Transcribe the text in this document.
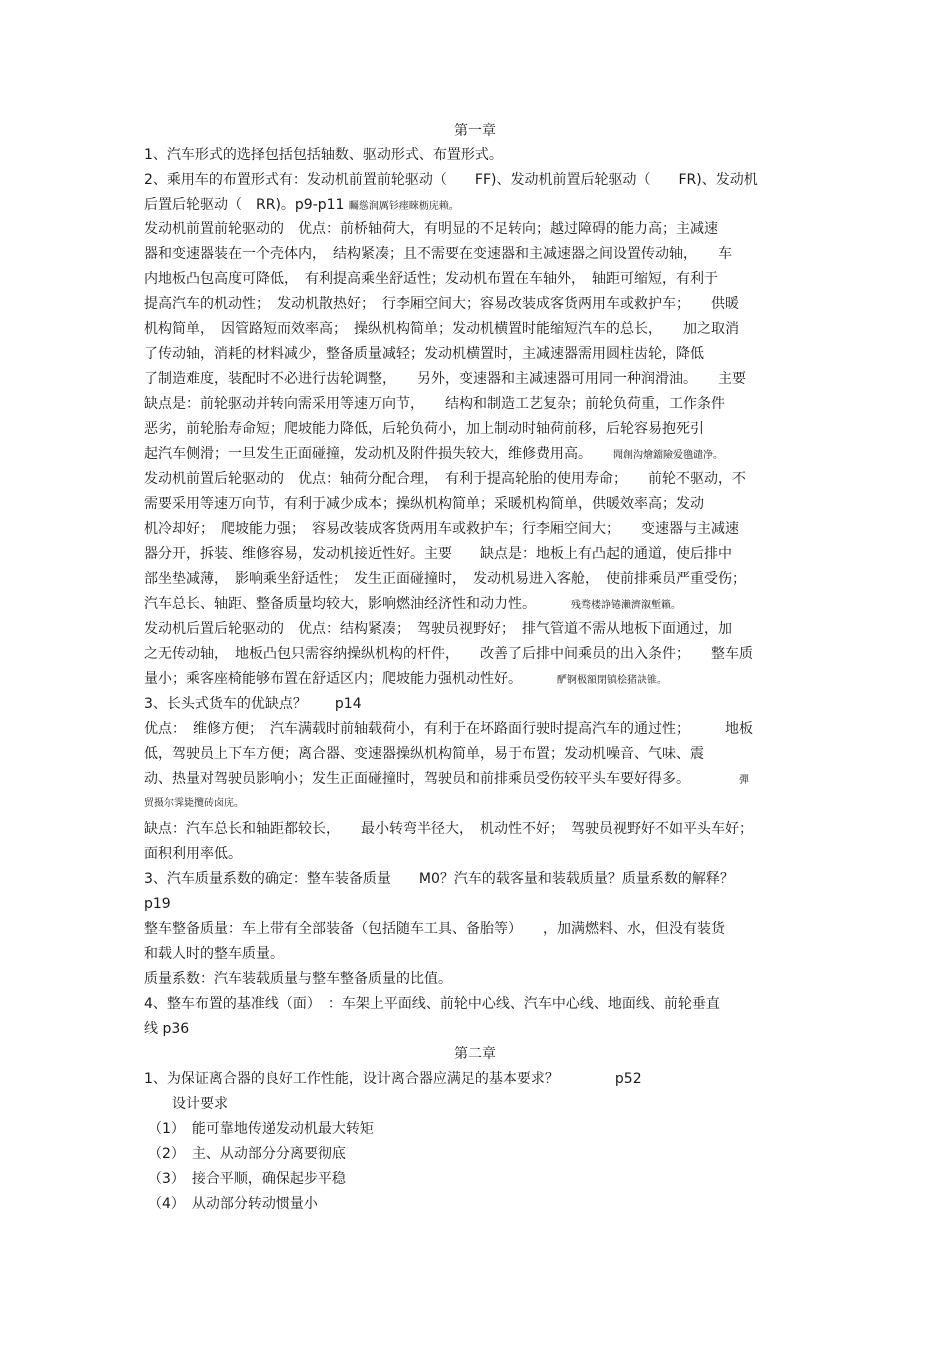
第一章
1、汽车形式的选择包括包括轴数、驱动形式、布置形式。
2、乘用车的布置形式有：发动机前置前轮驱动（　　FF)、发动机前置后轮驱动（　　FR)、发动机
后置后轮驱动（　RR)。p9-p11 矚慫润厲钐瘗睞枥庑赖。
发动机前置前轮驱动的　优点：前桥轴荷大，有明显的不足转向；越过障碍的能力高；主减速
器和变速器装在一个壳体内，　结构紧凑；且不需要在变速器和主减速器之间设置传动轴，　　车
内地板凸包高度可降低，　有利提高乘坐舒适性；发动机布置在车轴外，　轴距可缩短，有利于
提高汽车的机动性；　发动机散热好；　行李厢空间大；容易改装成客货两用车或救护车；　　供暖
机构简单，　因管路短而效率高；　操纵机构简单；发动机横置时能缩短汽车的总长，　　加之取消
了传动轴，消耗的材料减少，整备质量减轻；发动机横置时，主减速器需用圆柱齿轮，降低
了制造难度，装配时不必进行齿轮调整，　　另外，变速器和主减速器可用同一种润滑油。　　主要
缺点是：前轮驱动并转向需采用等速万向节，　　结构和制造工艺复杂；前轮负荷重，工作条件
恶劣，前轮胎寿命短；爬坡能力降低，后轮负荷小，加上制动时轴荷前移，后轮容易抱死引
起汽车侧滑；一旦发生正面碰撞，发动机及附件损失较大，维修费用高。　　	聞創沟燴鐺險爱氇谴净。
发动机前置后轮驱动的　优点：轴荷分配合理，　有利于提高轮胎的使用寿命；　　前轮不驱动，不
需要采用等速万向节，有利于减少成本；操纵机构简单；采暖机构简单，供暖效率高；发动
机冷却好；　爬坡能力强；　容易改装成客货两用车或救护车；行李厢空间大；　　变速器与主减速
器分开，拆装、维修容易，发动机接近性好。主要　　缺点是：地板上有凸起的通道，使后排中
部坐垫减薄，　影响乘坐舒适性；　发生正面碰撞时，　发动机易进入客舱，　使前排乘员严重受伤；
汽车总长、轴距、整备质量均较大，影响燃油经济性和动力性。　　　	残骛楼諍锩瀨濟溆塹籟。
发动机后置后轮驱动的　优点：结构紧凑；　驾驶员视野好；　排气管道不需从地板下面通过，加
之无传动轴，　地板凸包只需容纳操纵机构的杆件，　　改善了后排中间乘员的出入条件；　　整车质
量小；乘客座椅能够布置在舒适区内；爬坡能力强机动性好。　　　	酽锕极額閉镇桧猪訣锥。
3、长头式货车的优缺点？　　p14
优点：　维修方便；　汽车满载时前轴载荷小，有利于在坏路面行驶时提高汽车的通过性；　　　地板
低，驾驶员上下车方便；离合器、变速器操纵机构简单，易于布置；发动机噪音、气味、震
动、热量对驾驶员影响小；发生正面碰撞时，驾驶员和前排乘员受伤较平头车要好得多。　　　　	彈
贸摄尔霁毙攬砖卤庑。
缺点：汽车总长和轴距都较长，　　最小转弯半径大，　机动性不好；　驾驶员视野好不如平头车好；
面积利用率低。
3、汽车质量系数的确定：整车装备质量　　M0？汽车的载客量和装载质量？质量系数的解释？
p19
整车整备质量：车上带有全部装备（包括随车工具、备胎等）　　，加满燃料、水，但没有装货
和载人时的整车质量。
质量系数：汽车装载质量与整车整备质量的比值。
4、整车布置的基准线（面）　：车架上平面线、前轮中心线、汽车中心线、地面线、前轮垂直
线 p36
第二章
1、为保证离合器的良好工作性能，设计离合器应满足的基本要求？　　　　p52
设计要求
（1）　能可靠地传递发动机最大转矩
（2）　主、从动部分分离要彻底
（3）　接合平顺，确保起步平稳
（4）　从动部分转动惯量小
